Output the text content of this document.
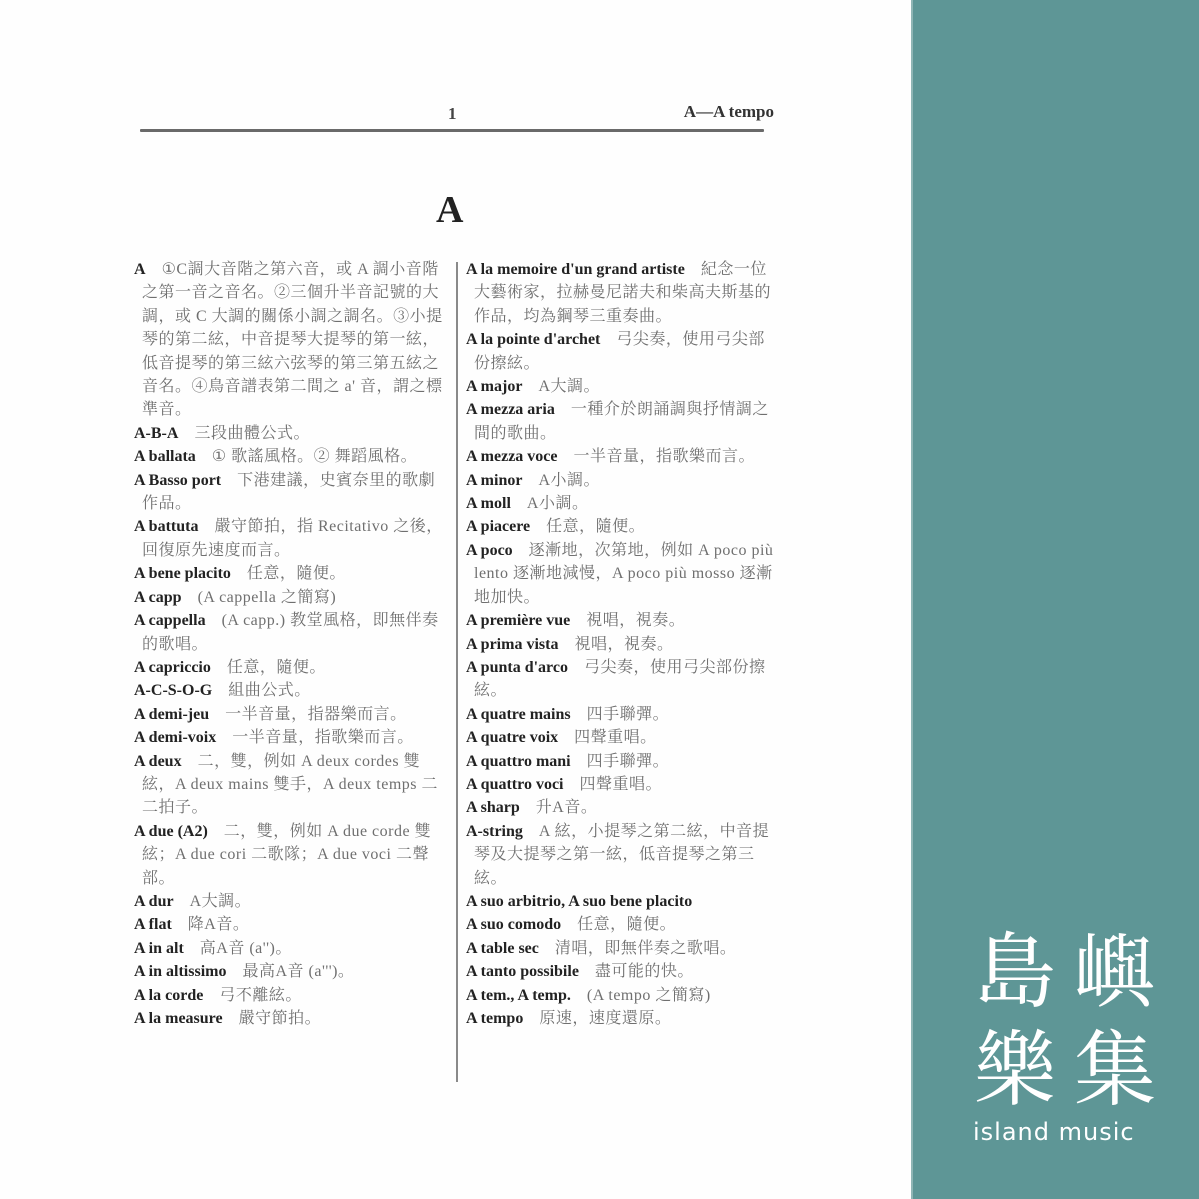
1	A—A tempo
A

A  ①C調大音階之第六音，或 A 調小音階之第一音之音名。②三個升半音記號的大調，或 C 大調的關係小調之調名。③小提琴的第二絃，中音提琴大提琴的第一絃，低音提琴的第三絃六弦琴的第三第五絃之音名。④鳥音譜表第二間之 a' 音，謂之標準音。

A-B-A  三段曲體公式。

A ballata  ① 歌謠風格。② 舞蹈風格。

A Basso port  下港建議，史賓奈里的歌劇作品。

A battuta  嚴守節拍，指 Recitativo 之後，回復原先速度而言。

A bene placito  任意，隨便。

A capp  (A cappella 之簡寫)

A cappella  (A capp.) 教堂風格，即無伴奏的歌唱。

A capriccio  任意，隨便。

A-C-S-O-G  組曲公式。

A demi-jeu  一半音量，指器樂而言。

A demi-voix  一半音量，指歌樂而言。

A deux  二，雙，例如 A deux cordes 雙絃，A deux mains 雙手，A deux temps 二二拍子。

A due (A2)  二，雙，例如 A due corde 雙絃；A due cori 二歌隊；A due voci 二聲部。

A dur  A大調。

A flat  降A音。

A in alt  高A音 (a'')。

A in altissimo  最高A音 (a''')。

A la corde  弓不離絃。

A la measure  嚴守節拍。

A la memoire d'un grand artiste  紀念一位大藝術家，拉赫曼尼諾夫和柴高夫斯基的作品，均為鋼琴三重奏曲。

A la pointe d'archet  弓尖奏，使用弓尖部份擦絃。

A major  A大調。

A mezza aria  一種介於朗誦調與抒情調之間的歌曲。

A mezza voce  一半音量，指歌樂而言。

A minor  A小調。

A moll  A小調。

A piacere  任意，隨便。

A poco  逐漸地，次第地，例如 A poco più lento 逐漸地減慢，A poco più mosso 逐漸地加快。

A première vue  視唱，視奏。

A prima vista  視唱，視奏。

A punta d'arco  弓尖奏，使用弓尖部份擦絃。

A quatre mains  四手聯彈。

A quatre voix  四聲重唱。

A quattro mani  四手聯彈。

A quattro voci  四聲重唱。

A sharp  升A音。

A-string  A 絃，小提琴之第二絃，中音提琴及大提琴之第一絃，低音提琴之第三絃。

A suo arbitrio, A suo bene placito 

A suo comodo  任意，隨便。

A table sec  清唱，即無伴奏之歌唱。

A tanto possibile  盡可能的快。

A tem., A temp.  (A tempo 之簡寫)

A tempo  原速，速度還原。	島 嶼
樂 集
island music
